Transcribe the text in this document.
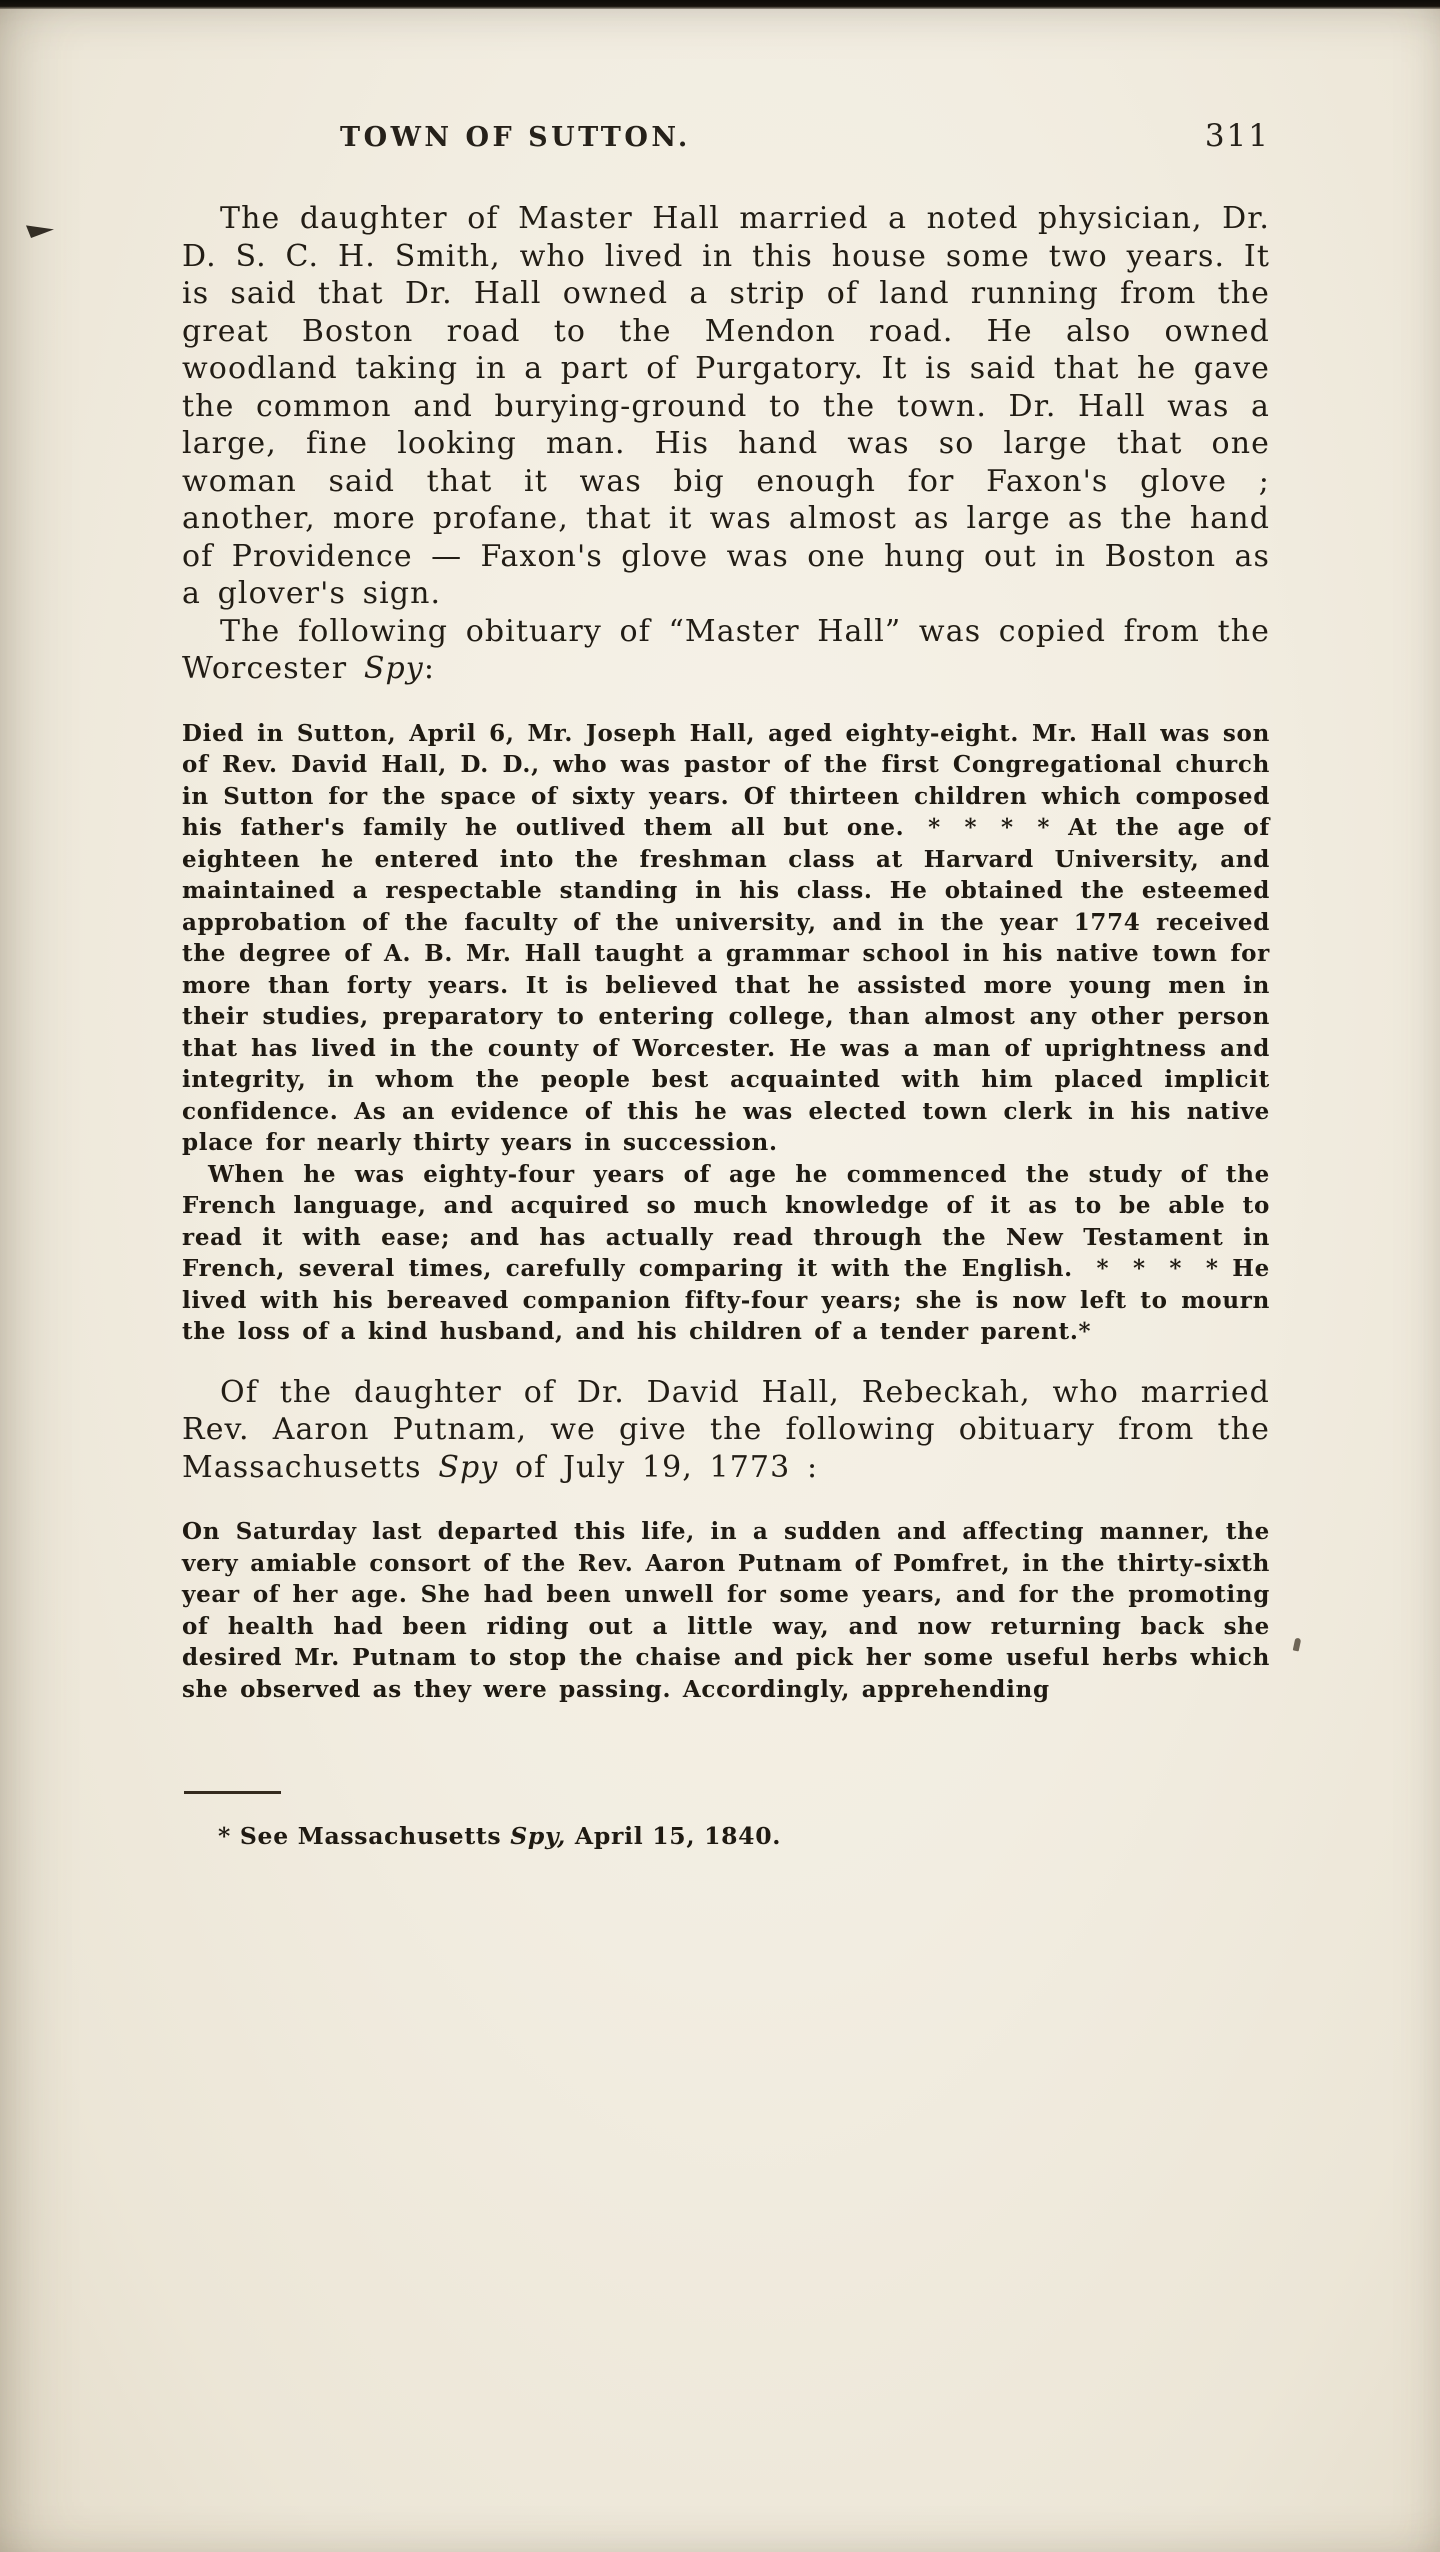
TOWN OF SUTTON.	311

The daughter of Master Hall married a noted physician, Dr. D. S. C. H. Smith, who lived in this house some two years. It is said that Dr. Hall owned a strip of land running from the great Boston road to the Mendon road. He also owned woodland taking in a part of Purgatory. It is said that he gave the common and burying-ground to the town. Dr. Hall was a large, fine looking man. His hand was so large that one woman said that it was big enough for Faxon's glove ; another, more profane, that it was almost as large as the hand of Providence — Faxon's glove was one hung out in Boston as a glover's sign.

The following obituary of “Master Hall” was copied from the Worcester Spy:

Died in Sutton, April 6, Mr. Joseph Hall, aged eighty-eight. Mr. Hall was son of Rev. David Hall, D. D., who was pastor of the first Congregational church in Sutton for the space of sixty years. Of thirteen children which composed his father's family he outlived them all but one. * * * * At the age of eighteen he entered into the freshman class at Harvard University, and maintained a respectable standing in his class. He obtained the esteemed approbation of the faculty of the university, and in the year 1774 received the degree of A. B. Mr. Hall taught a grammar school in his native town for more than forty years. It is believed that he assisted more young men in their studies, preparatory to entering college, than almost any other person that has lived in the county of Worcester. He was a man of uprightness and integrity, in whom the people best acquainted with him placed implicit confidence. As an evidence of this he was elected town clerk in his native place for nearly thirty years in succession.

When he was eighty-four years of age he commenced the study of the French language, and acquired so much knowledge of it as to be able to read it with ease; and has actually read through the New Testament in French, several times, carefully comparing it with the English. * * * * He lived with his bereaved companion fifty-four years; she is now left to mourn the loss of a kind husband, and his children of a tender parent.*

Of the daughter of Dr. David Hall, Rebeckah, who married Rev. Aaron Putnam, we give the following obituary from the Massachusetts Spy of July 19, 1773 :

On Saturday last departed this life, in a sudden and affecting manner, the very amiable consort of the Rev. Aaron Putnam of Pomfret, in the thirty-sixth year of her age. She had been unwell for some years, and for the promoting of health had been riding out a little way, and now returning back she desired Mr. Putnam to stop the chaise and pick her some useful herbs which she observed as they were passing. Accordingly, apprehending

* See Massachusetts Spy, April 15, 1840.
